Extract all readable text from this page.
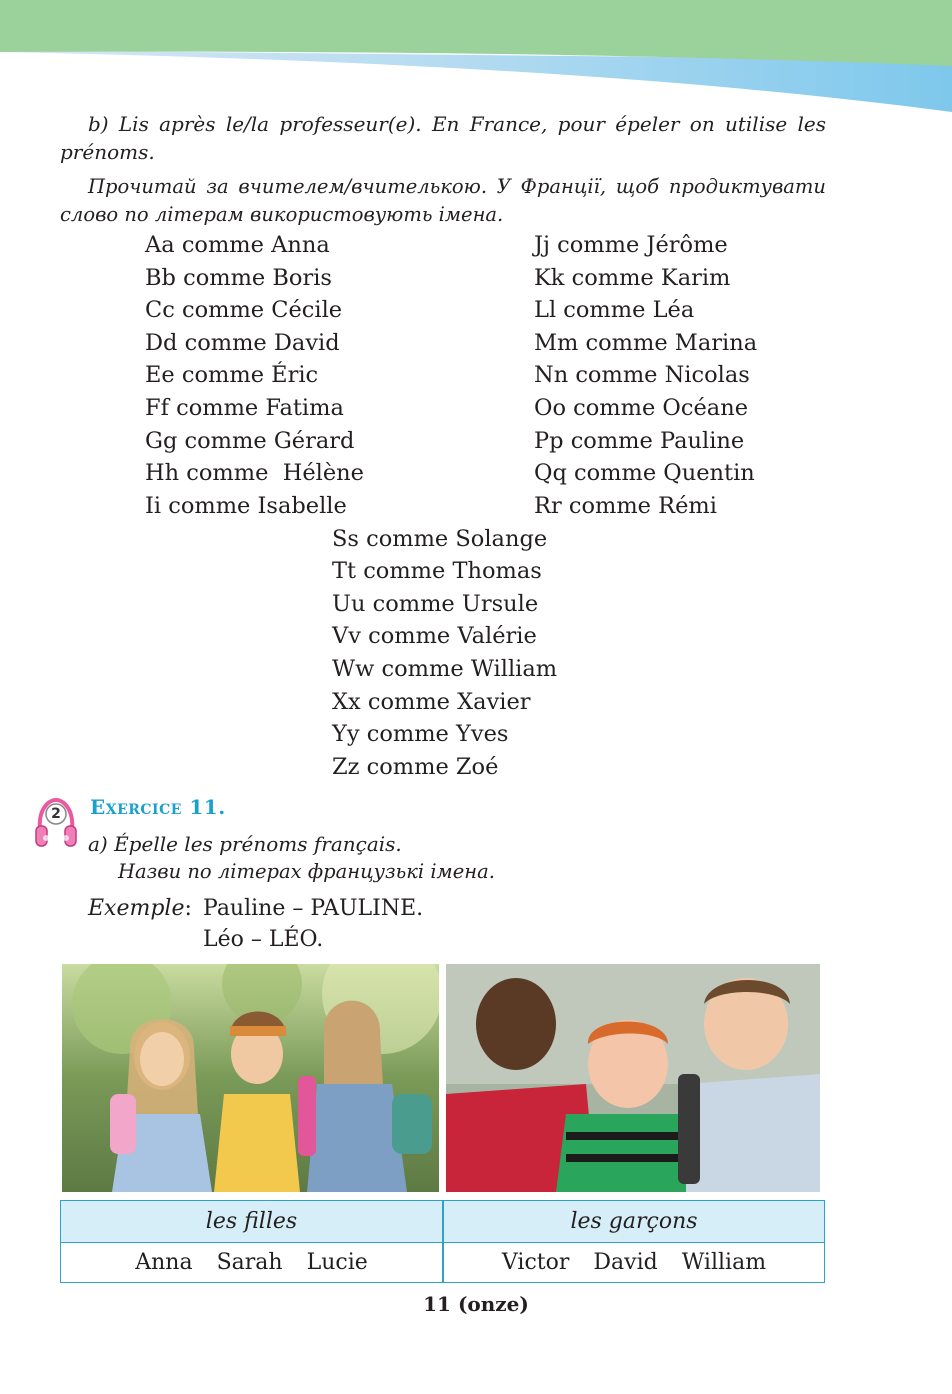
b) Lis après le/la professeur(e). En France, pour épeler on utilise les prénoms.

Прочитай за вчителем/вчителькою. У Франції, щоб продиктувати слово по літерам використовують імена.

Aa comme Anna
Bb comme Boris
Cc comme Cécile
Dd comme David
Ee comme Éric
Ff comme Fatima
Gg comme Gérard
Hh comme  Hélène
Ii comme Isabelle
Jj comme Jérôme
Kk comme Karim
Ll comme Léa
Mm comme Marina
Nn comme Nicolas
Oo comme Océane
Pp comme Pauline
Qq comme Quentin
Rr comme Rémi
Ss comme Solange
Tt comme Thomas
Uu comme Ursule
Vv comme Valérie
Ww comme William
Xx comme Xavier
Yy comme Yves
Zz comme Zoé
2 Exercice 11.
a) Épelle les prénoms français.
Назви по літерах французькі імена.
Exemple: Pauline – PAULINE.
Léo – LÉO.
les filles	les garçons
Anna Sarah Lucie	Victor David William
11 (onze)
